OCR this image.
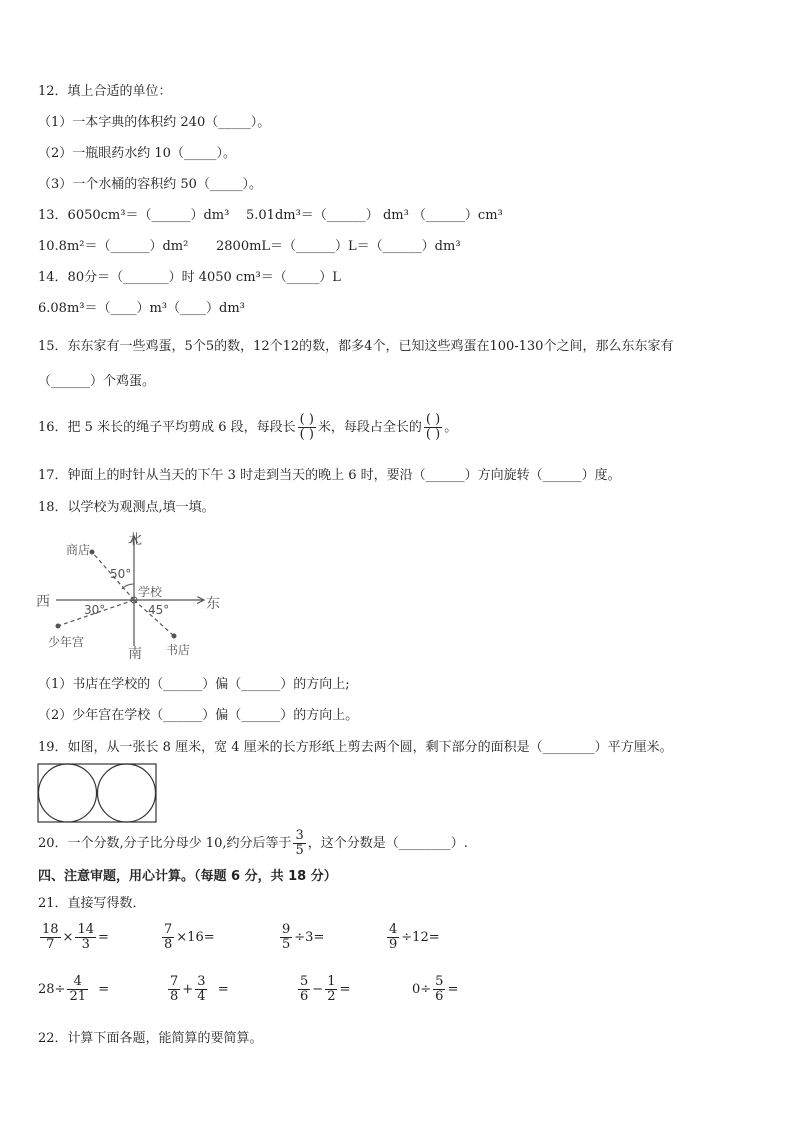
12．填上合适的单位：
（1）一本字典的体积约 240（_____）。
（2）一瓶眼药水约 10（_____）。
（3）一个水桶的容积约 50（_____）。
13．6050cm³＝（______）dm³ 5.01dm³＝（______） dm³ （______）cm³
10.8m²＝（______）dm² 2800mL＝（______）L＝（______）dm³
14．80分＝（_______）时 4050 cm³＝（_____）L
6.08m³＝（____）m³（____）dm³
15．东东家有一些鸡蛋，5个5的数，12个12的数，都多4个，已知这些鸡蛋在100-130个之间，那么东东家有
（______）个鸡蛋。
16．把 5 米长的绳子平均剪成 6 段，每段长 $\frac{( )}{( )}$ 米，每段占全长的 $\frac{( )}{( )}$ 。
17．钟面上的时针从当天的下午 3 时走到当天的晚上 6 时，要沿（______）方向旋转（______）度。
18．以学校为观测点,填一填。
北
南
西	东
学校
商店
少年宫
书店
50°
30°	45°
（1）书店在学校的（______）偏（______）的方向上;
（2）少年宫在学校（______）偏（______）的方向上。
19．如图，从一张长 8 厘米，宽 4 厘米的长方形纸上剪去两个圆，剩下部分的面积是（________）平方厘米。
20．一个分数,分子比分母少 10,约分后等于 $\frac{3}{5}$ ，这个分数是（________）.
四、注意审题，用心计算。（每题 6 分，共 18 分）
21．直接写得数．
$\frac{18}{7} \times \frac{14}{3}$ =	$\frac{7}{8} \times 16=$	$\frac{9}{5} \div 3=$	$\frac{4}{9} \div 12=$
$28\div \frac{4}{21}$ =	$\frac{7}{8} + \frac{3}{4}$ =	$\frac{5}{6} - \frac{1}{2}$ =	$0\div \frac{5}{6}$ =
22．计算下面各题，能简算的要简算。
